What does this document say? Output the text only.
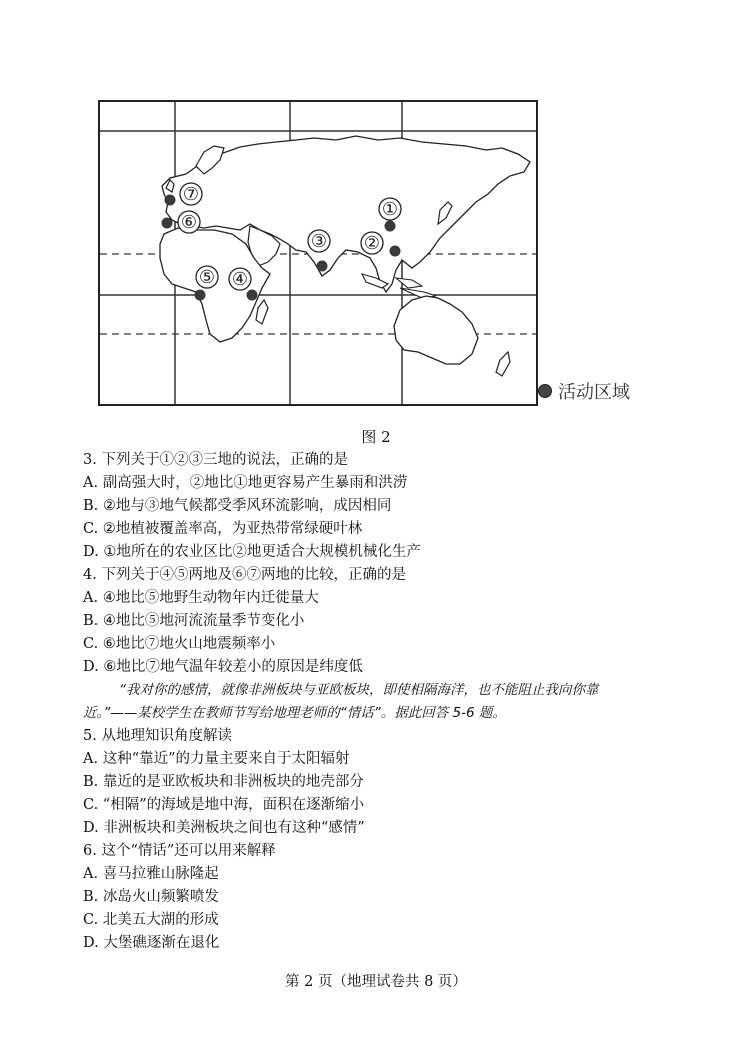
①
②
③
④
⑤
⑥
⑦
活动区域
图 2
3. 下列关于①②③三地的说法，正确的是
A. 副高强大时，②地比①地更容易产生暴雨和洪涝
B. ②地与③地气候都受季风环流影响，成因相同
C. ②地植被覆盖率高，为亚热带常绿硬叶林
D. ①地所在的农业区比②地更适合大规模机械化生产
4. 下列关于④⑤两地及⑥⑦两地的比较，正确的是
A. ④地比⑤地野生动物年内迁徙量大
B. ④地比⑤地河流流量季节变化小
C. ⑥地比⑦地火山地震频率小
D. ⑥地比⑦地气温年较差小的原因是纬度低
“我对你的感情，就像非洲板块与亚欧板块，即使相隔海洋，也不能阻止我向你靠
近。”——某校学生在教师节写给地理老师的“情话”。据此回答 5-6 题。
5. 从地理知识角度解读
A. 这种“靠近”的力量主要来自于太阳辐射
B. 靠近的是亚欧板块和非洲板块的地壳部分
C. “相隔”的海域是地中海，面积在逐渐缩小
D. 非洲板块和美洲板块之间也有这种“感情”
6. 这个“情话”还可以用来解释
A. 喜马拉雅山脉隆起
B. 冰岛火山频繁喷发
C. 北美五大湖的形成
D. 大堡礁逐渐在退化
第 2 页（地理试卷共 8 页）
